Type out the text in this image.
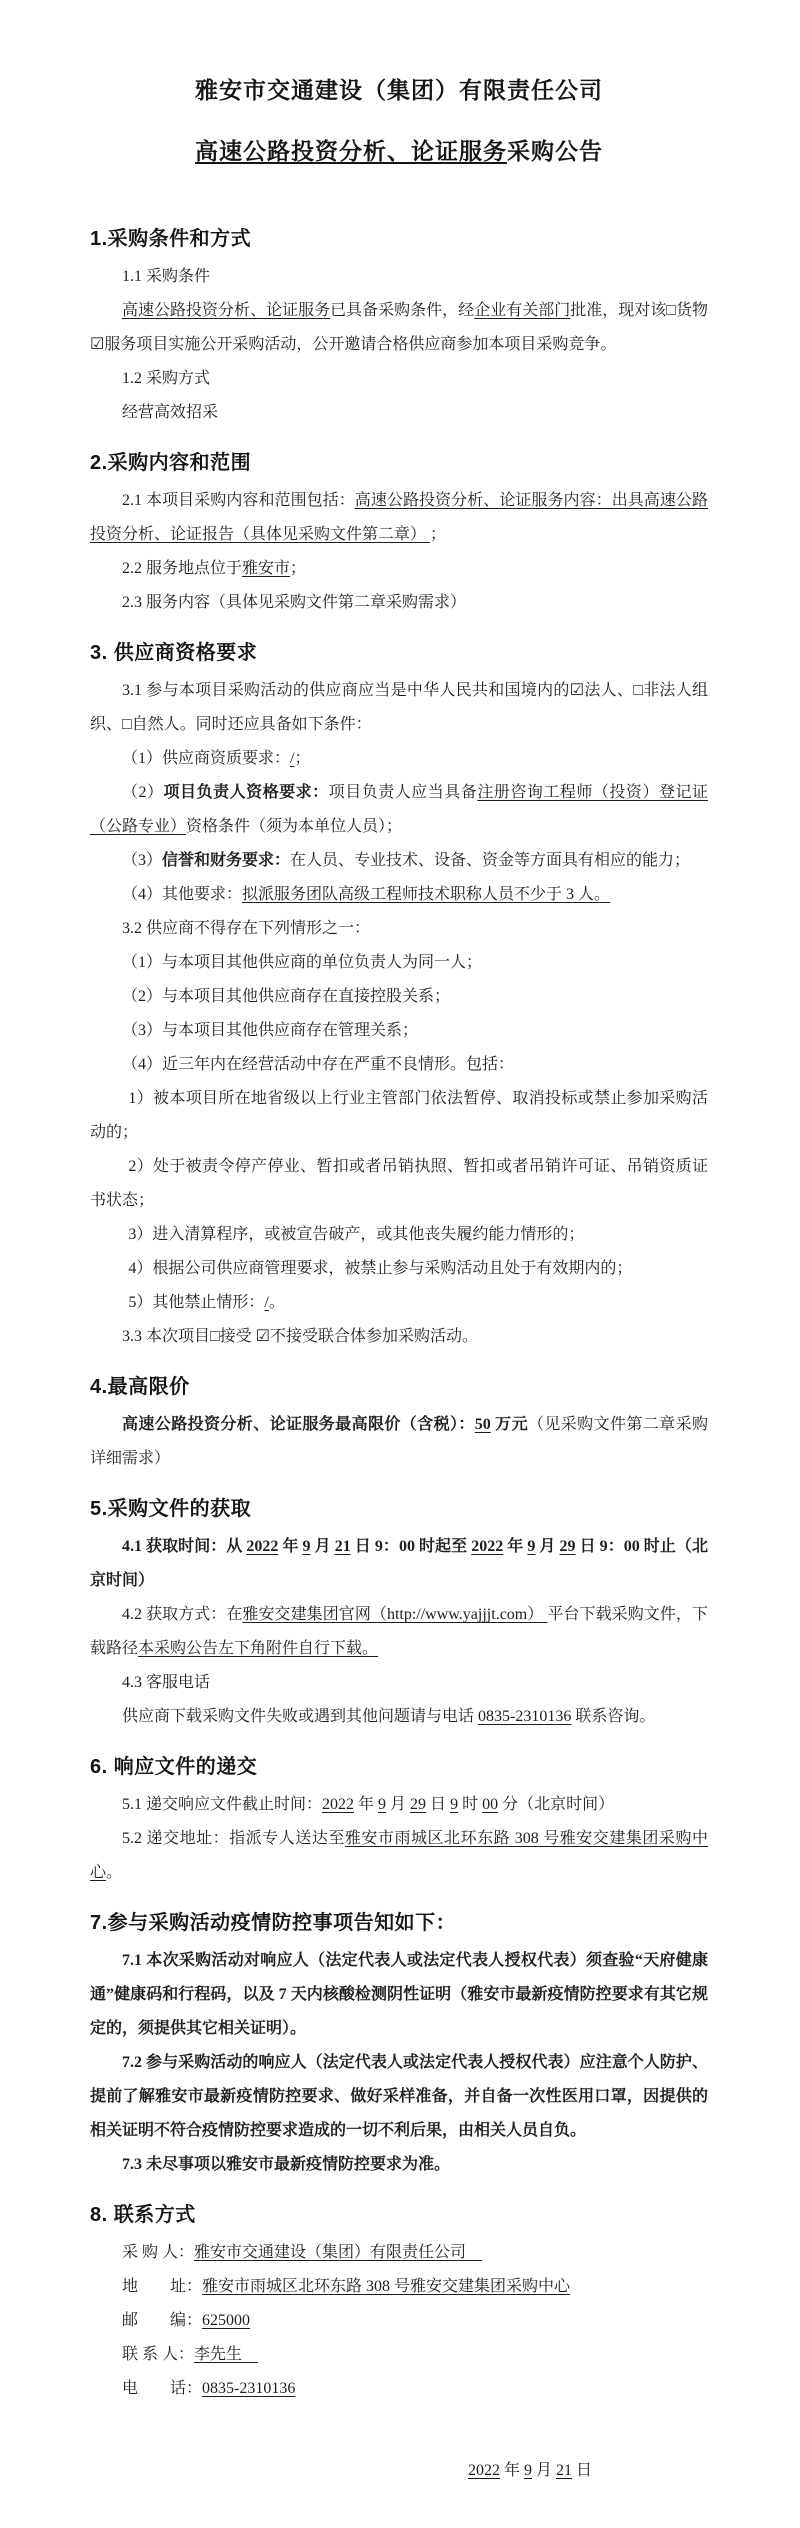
雅安市交通建设（集团）有限责任公司
高速公路投资分析、论证服务采购公告
1.采购条件和方式

1.1 采购条件

高速公路投资分析、论证服务已具备采购条件，经企业有关部门批准，现对该□货物☑服务项目实施公开采购活动，公开邀请合格供应商参加本项目采购竞争。

1.2 采购方式

经营高效招采

2.采购内容和范围

2.1 本项目采购内容和范围包括：高速公路投资分析、论证服务内容：出具高速公路投资分析、论证报告（具体见采购文件第二章） ；

2.2 服务地点位于雅安市；

2.3 服务内容（具体见采购文件第二章采购需求）

3. 供应商资格要求

3.1 参与本项目采购活动的供应商应当是中华人民共和国境内的☑法人、□非法人组织、□自然人。同时还应具备如下条件：

（1）供应商资质要求：/；

（2）项目负责人资格要求：项目负责人应当具备注册咨询工程师（投资）登记证（公路专业）资格条件（须为本单位人员）；

（3）信誉和财务要求：在人员、专业技术、设备、资金等方面具有相应的能力；

（4）其他要求：拟派服务团队高级工程师技术职称人员不少于 3 人。

3.2 供应商不得存在下列情形之一：

（1）与本项目其他供应商的单位负责人为同一人；

（2）与本项目其他供应商存在直接控股关系；

（3）与本项目其他供应商存在管理关系；

（4）近三年内在经营活动中存在严重不良情形。包括：

1）被本项目所在地省级以上行业主管部门依法暂停、取消投标或禁止参加采购活动的；

2）处于被责令停产停业、暂扣或者吊销执照、暂扣或者吊销许可证、吊销资质证书状态；

3）进入清算程序，或被宣告破产，或其他丧失履约能力情形的；

4）根据公司供应商管理要求，被禁止参与采购活动且处于有效期内的；

5）其他禁止情形：/。

3.3 本次项目□接受 ☑不接受联合体参加采购活动。

4.最高限价

高速公路投资分析、论证服务最高限价（含税）：50 万元（见采购文件第二章采购详细需求）

5.采购文件的获取

4.1 获取时间：从 2022 年 9 月 21 日 9：00 时起至 2022 年 9 月 29 日 9：00 时止（北京时间）

4.2 获取方式：在雅安交建集团官网（http://www.yajjjt.com） 平台下载采购文件，下载路径本采购公告左下角附件自行下载。

4.3 客服电话

供应商下载采购文件失败或遇到其他问题请与电话 0835-2310136 联系咨询。

6. 响应文件的递交

5.1 递交响应文件截止时间：2022 年 9 月 29 日 9 时 00 分（北京时间）

5.2 递交地址：指派专人送达至雅安市雨城区北环东路 308 号雅安交建集团采购中心。

7.参与采购活动疫情防控事项告知如下：

7.1 本次采购活动对响应人（法定代表人或法定代表人授权代表）须查验“天府健康通”健康码和行程码，以及 7 天内核酸检测阴性证明（雅安市最新疫情防控要求有其它规定的，须提供其它相关证明）。

7.2 参与采购活动的响应人（法定代表人或法定代表人授权代表）应注意个人防护、提前了解雅安市最新疫情防控要求、做好采样准备，并自备一次性医用口罩，因提供的相关证明不符合疫情防控要求造成的一切不利后果，由相关人员自负。

7.3 未尽事项以雅安市最新疫情防控要求为准。

8. 联系方式

采 购 人：雅安市交通建设（集团）有限责任公司　

地　　址：雅安市雨城区北环东路 308 号雅安交建集团采购中心

邮　　编：625000

联 系 人：李先生　

电　　话：0835-2310136

2022 年 9 月 21 日
